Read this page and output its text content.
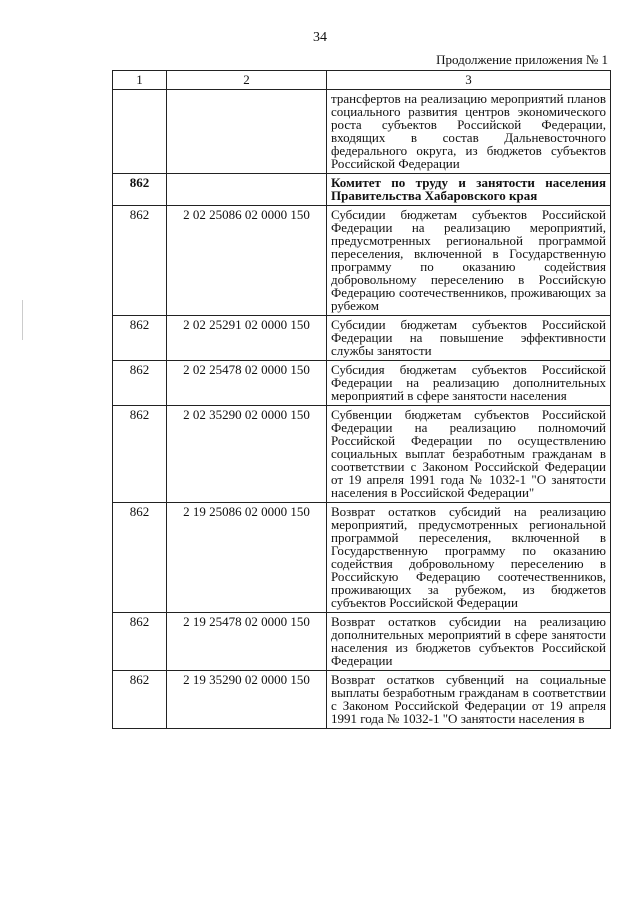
34
Продолжение приложения № 1
1	2	3
		трансфертов на реализацию мероприятий планов социального развития центров экономического роста субъектов Российской Федерации, входящих в состав Дальневосточного федерального округа, из бюджетов субъектов Российской Федерации
862		Комитет по труду и занятости населения Правительства Хабаровского края
862	2 02 25086 02 0000 150	Субсидии бюджетам субъектов Российской Федерации на реализацию мероприятий, предусмотренных региональной программой переселения, включенной в Государственную программу по оказанию содействия добровольному переселению в Российскую Федерацию соотечественников, проживающих за рубежом
862	2 02 25291 02 0000 150	Субсидии бюджетам субъектов Российской Федерации на повышение эффективности службы занятости
862	2 02 25478 02 0000 150	Субсидия бюджетам субъектов Российской Федерации на реализацию дополнительных мероприятий в сфере занятости населения
862	2 02 35290 02 0000 150	Субвенции бюджетам субъектов Российской Федерации на реализацию полномочий Российской Федерации по осуществлению социальных выплат безработным гражданам в соответствии с Законом Российской Федерации от 19 апреля 1991 года № 1032-1 "О занятости населения в Российской Федерации"
862	2 19 25086 02 0000 150	Возврат остатков субсидий на реализацию мероприятий, предусмотренных региональной программой переселения, включенной в Государственную программу по оказанию содействия добровольному переселению в Российскую Федерацию соотечественников, проживающих за рубежом, из бюджетов субъектов Российской Федерации
862	2 19 25478 02 0000 150	Возврат остатков субсидии на реализацию дополнительных мероприятий в сфере занятости населения из бюджетов субъектов Российской Федерации
862	2 19 35290 02 0000 150	Возврат остатков субвенций на социальные выплаты безработным гражданам в соответствии с Законом Российской Федерации от 19 апреля 1991 года № 1032-1 "О занятости населения в
